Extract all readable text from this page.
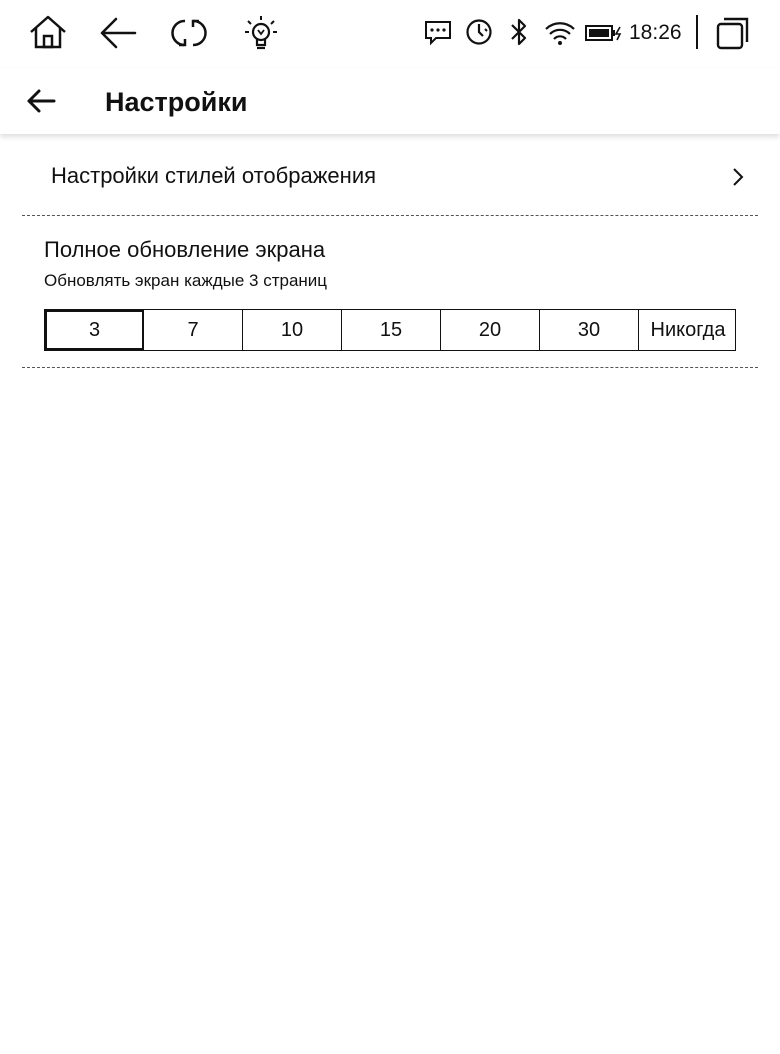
18:26
Настройки
Настройки стилей отображения
Полное обновление экрана
Обновлять экран каждые 3 страниц
3	7	10	15	20	30	Никогда
